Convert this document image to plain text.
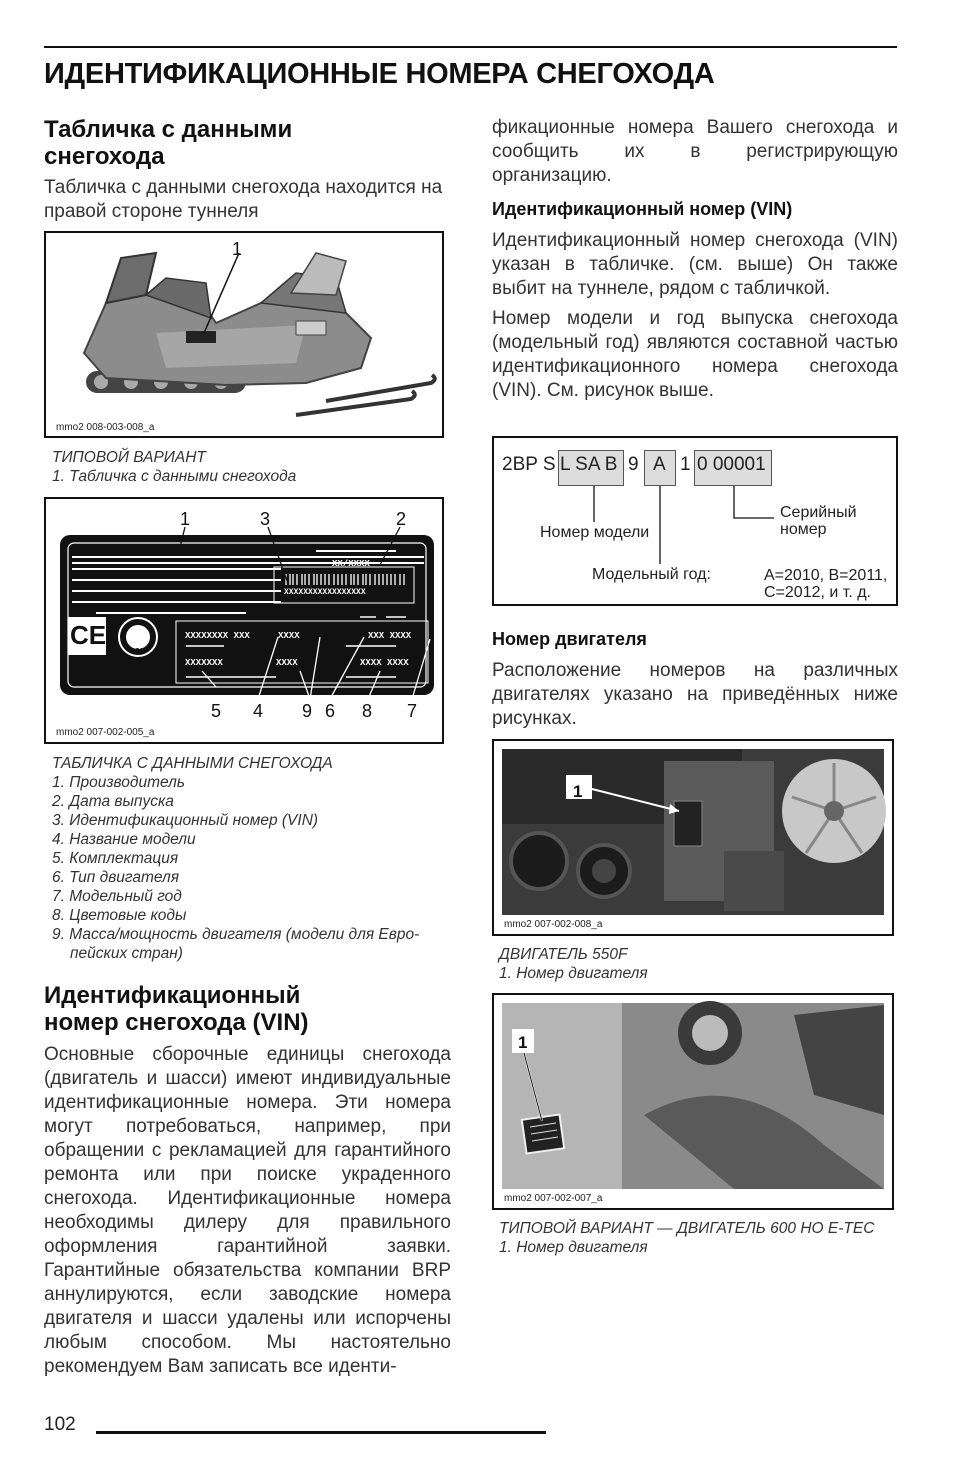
ИДЕНТИФИКАЦИОННЫЕ НОМЕРА СНЕГОХОДА
Табличка с данными
снегохода
Табличка с данными снегохода находится на правой стороне туннеля
1
mmo2 008-003-008_a
ТИПОВОЙ ВАРИАНТ
1. Табличка с данными снегохода
XX/XXXX
XXXXXXXXXXXXXXXXX
CE
931
XXXXXXXX XXX	XXXX	XXX XXXX
XXXXXXX	XXXX	XXXX XXXX
1	3	2
5 4 9 6 8 7
mmo2 007-002-005_a
ТАБЛИЧКА С ДАННЫМИ СНЕГОХОДА
1. Производитель
2. Дата выпуска
3. Идентификационный номер (VIN)
4. Название модели
5. Комплектация
6. Тип двигателя
7. Модельный год
8. Цветовые коды
9. Масса/мощность двигателя (модели для Евро-
пейских стран)
Идентификационный
номер снегохода (VIN)
Основные сборочные единицы снегохода (двигатель и шасси) имеют индивидуальные идентификационные номера. Эти номера могут потребоваться, например, при обращении с рекламацией для гарантийного ремонта или при поиске украденного снегохода. Идентификационные номера необходимы дилеру для правильного оформления гарантийной заявки. Гарантийные обязательства компании BRP аннулируются, если заводские номера двигателя и шасси удалены или испорчены любым способом. Мы настоятельно рекомендуем Вам записать все иденти-
фикационные номера Вашего снегохода и сообщить их в регистрирующую организацию.
Идентификационный номер (VIN)

Идентификационный номер снегохода (VIN) указан в табличке. (см. выше) Он также выбит на туннеле, рядом с табличкой.

Номер модели и год выпуска снегохода (модельный год) являются составной частью идентификационного номера снегохода (VIN). См. рисунок выше.

2BP S L SA B 9 A 1 0 00001
Номер модели
Модельный год:
Серийный
номер
A=2010, B=2011,
C=2012, и т. д.
Номер двигателя
Расположение номеров на различных двигателях указано на приведённых ниже рисунках.
1
mmo2 007-002-008_a
ДВИГАТЕЛЬ 550F
1. Номер двигателя
1
mmo2 007-002-007_a
ТИПОВОЙ ВАРИАНТ — ДВИГАТЕЛЬ 600 HO E-TEC
1. Номер двигателя
102
